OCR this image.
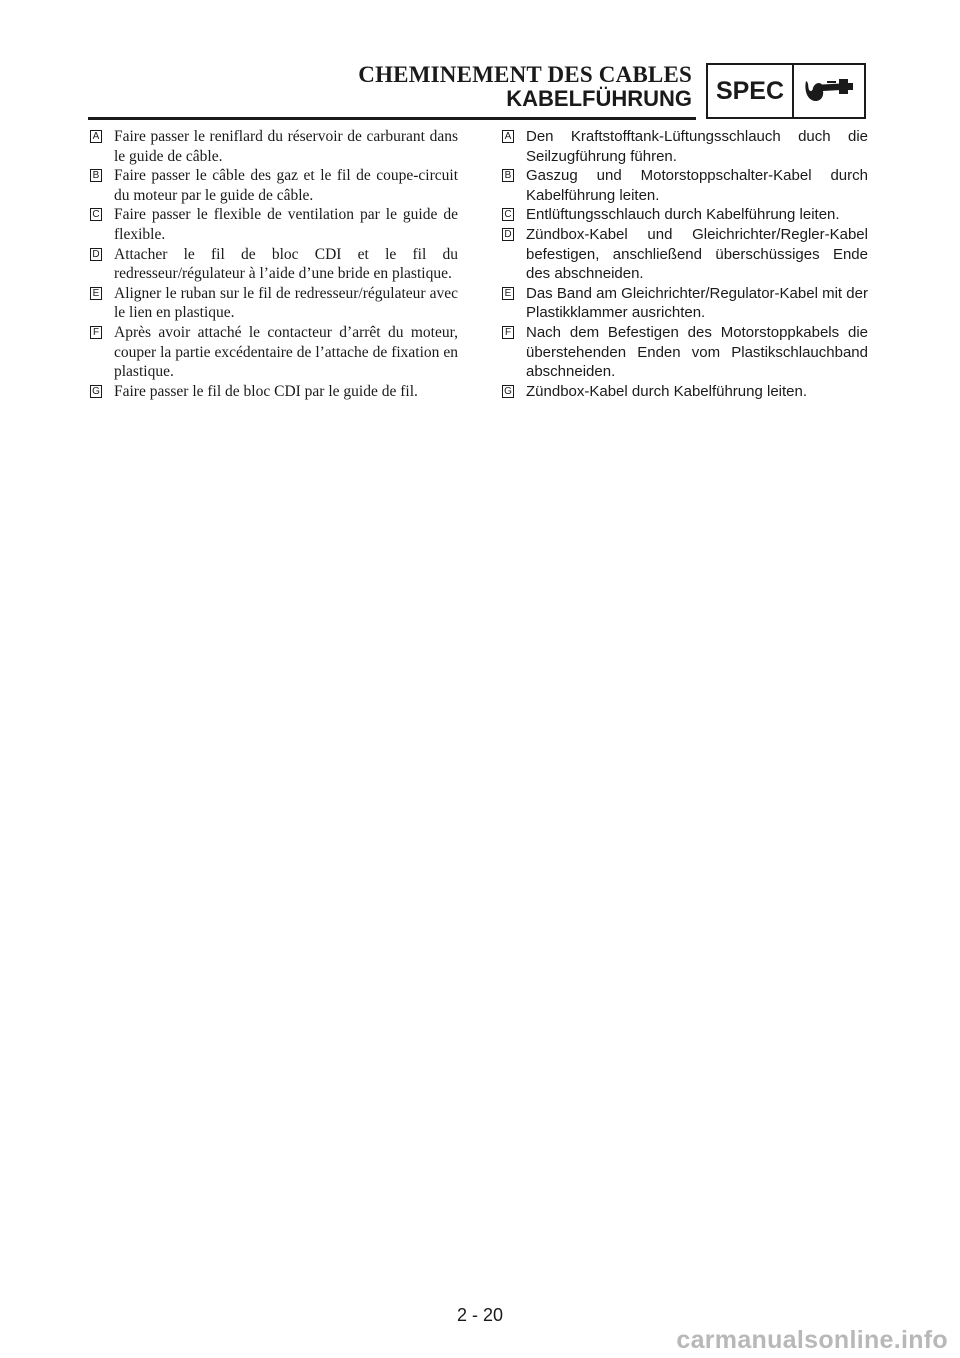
CHEMINEMENT DES CABLES
KABELFÜHRUNG SPEC
A Faire passer le reniflard du réservoir de carburant dans le guide de câble.
B Faire passer le câble des gaz et le fil de coupe-circuit du moteur par le guide de câble.
C Faire passer le flexible de ventilation par le guide de flexible.
D Attacher le fil de bloc CDI et le fil du redresseur/régulateur à l’aide d’une bride en plastique.
E Aligner le ruban sur le fil de redresseur/régulateur avec le lien en plastique.
F Après avoir attaché le contacteur d’arrêt du moteur, couper la partie excédentaire de l’attache de fixation en plastique.
G Faire passer le fil de bloc CDI par le guide de fil.
A Den Kraftstofftank-Lüftungsschlauch duch die Seilzugführung führen.
B Gaszug und Motorstoppschalter-Kabel durch Kabelführung leiten.
C Entlüftungsschlauch durch Kabelführung leiten.
D Zündbox-Kabel und Gleichrichter/Regler-Kabel befestigen, anschließend überschüssiges Ende des abschneiden.
E Das Band am Gleichrichter/Regulator-Kabel mit der Plastikklammer ausrichten.
F Nach dem Befestigen des Motorstoppkabels die überstehenden Enden vom Plastikschlauchband abschneiden.
G Zündbox-Kabel durch Kabelführung leiten.
2 - 20
carmanualsonline.info
